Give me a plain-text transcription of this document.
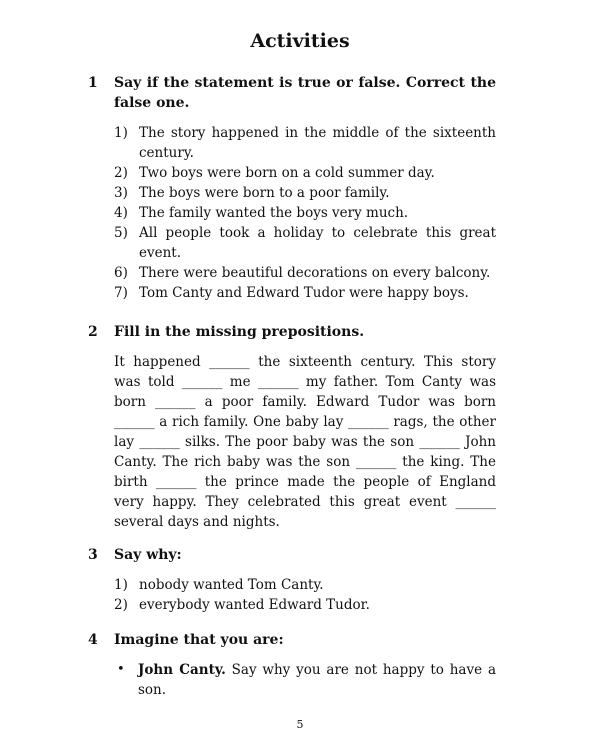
Activities
1 Say if the statement is true or false. Correct the false one.
1) The story happened in the middle of the sixteenth century.
2) Two boys were born on a cold summer day.
3) The boys were born to a poor family.
4) The family wanted the boys very much.
5) All people took a holiday to celebrate this great event.
6) There were beautiful decorations on every balcony.
7) Tom Canty and Edward Tudor were happy boys.
2 Fill in the missing prepositions.
It happened ______ the sixteenth century. This story was told ______ me ______ my father. Tom Canty was born ______ a poor family. Edward Tudor was born ______ a rich family. One baby lay ______ rags, the other lay ______ silks. The poor baby was the son ______ John Canty. The rich baby was the son ______ the king. The birth ______ the prince made the people of England very happy. They celebrated this great event ______ several days and nights.
3 Say why:
1) nobody wanted Tom Canty.
2) everybody wanted Edward Tudor.
4 Imagine that you are:
• John Canty. Say why you are not happy to have a son.
5
